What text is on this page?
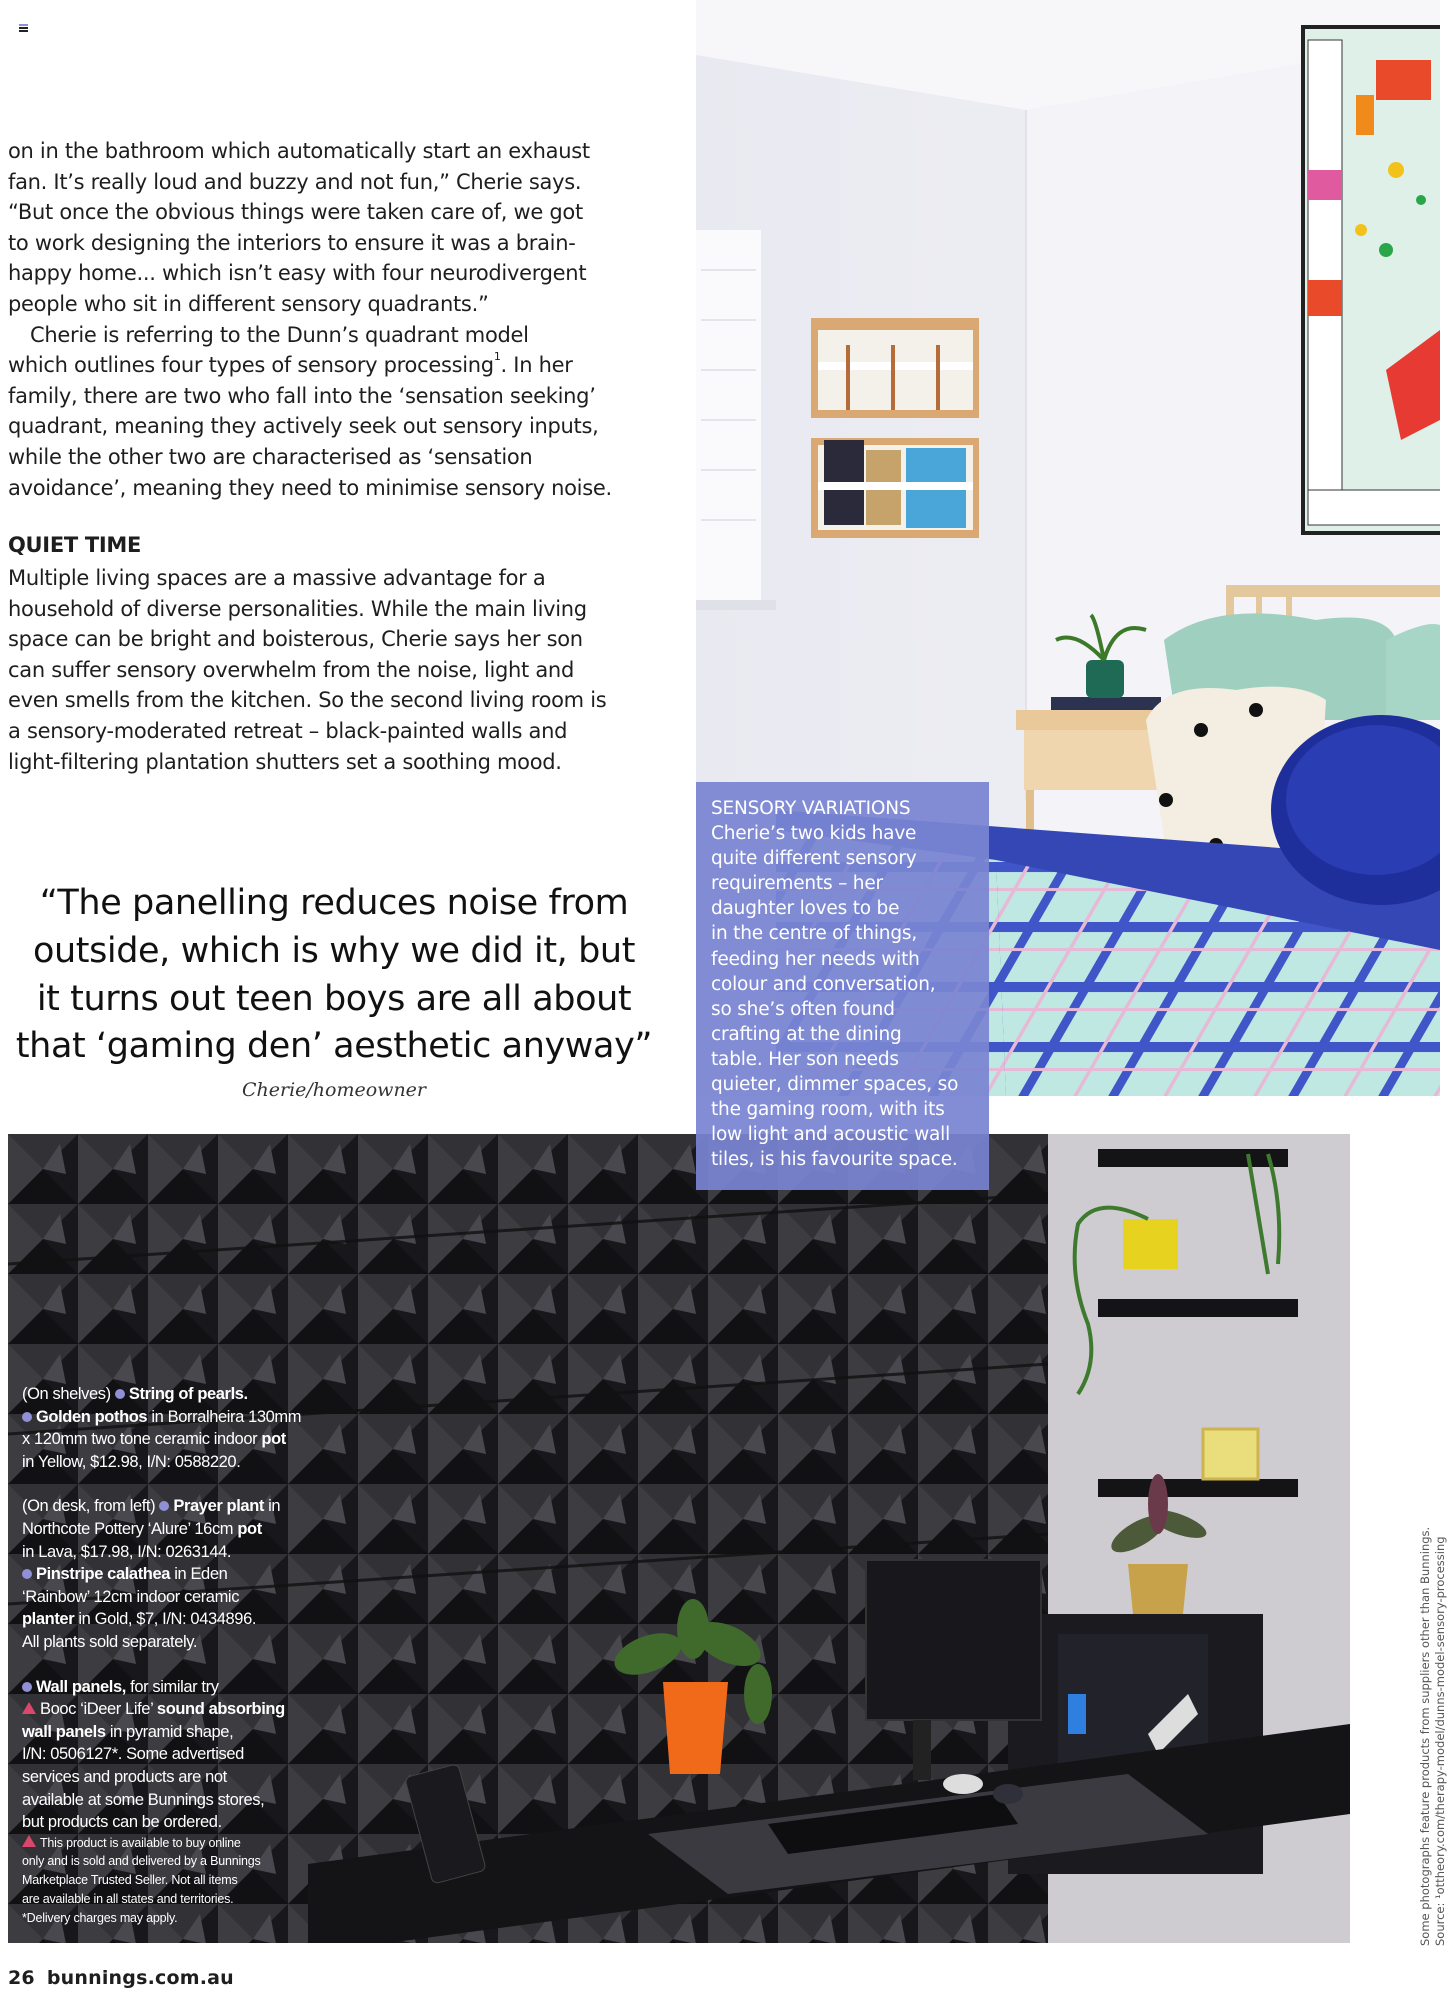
on in the bathroom which automatically start an exhaust
fan. It’s really loud and buzzy and not fun,” Cherie says.
“But once the obvious things were taken care of, we got
to work designing the interiors to ensure it was a brain-
happy home... which isn’t easy with four neurodivergent
people who sit in different sensory quadrants.”
Cherie is referring to the Dunn’s quadrant model
which outlines four types of sensory processing$^1$. In her
family, there are two who fall into the ‘sensation seeking’
quadrant, meaning they actively seek out sensory inputs,
while the other two are characterised as ‘sensation
avoidance’, meaning they need to minimise sensory noise.
QUIET TIME
Multiple living spaces are a massive advantage for a
household of diverse personalities. While the main living
space can be bright and boisterous, Cherie says her son
can suffer sensory overwhelm from the noise, light and
even smells from the kitchen. So the second living room is
a sensory-moderated retreat – black-painted walls and
light-filtering plantation shutters set a soothing mood.
“The panelling reduces noise from
outside, which is why we did it, but
it turns out teen boys are all about
that ‘gaming den’ aesthetic anyway”
Cherie/homeowner
SENSORY VARIATIONS
Cherie’s two kids have
quite different sensory
requirements – her
daughter loves to be
in the centre of things,
feeding her needs with
colour and conversation,
so she’s often found
crafting at the dining
table. Her son needs
quieter, dimmer spaces, so
the gaming room, with its
low light and acoustic wall
tiles, is his favourite space.
(On shelves) String of pearls.
Golden pothos in Borralheira 130mm
x 120mm two tone ceramic indoor pot
in Yellow, $12.98, I/N: 0588220.
(On desk, from left) Prayer plant in
Northcote Pottery ‘Alure’ 16cm pot
in Lava, $17.98, I/N: 0263144.
Pinstripe calathea in Eden
‘Rainbow’ 12cm indoor ceramic
planter in Gold, $7, I/N: 0434896.
All plants sold separately.
Wall panels, for similar try
Booc ‘iDeer Life’ sound absorbing
wall panels in pyramid shape,
I/N: 0506127*. Some advertised
services and products are not
available at some Bunnings stores,
but products can be ordered.
This product is available to buy online
only and is sold and delivered by a Bunnings
Marketplace Trusted Seller. Not all items
are available in all states and territories.
*Delivery charges may apply.
26 bunnings.com.au
Some photographs feature products from suppliers other than Bunnings. Source: ¹ottheory.com/therapy-model/dunns-model-sensory-processing
